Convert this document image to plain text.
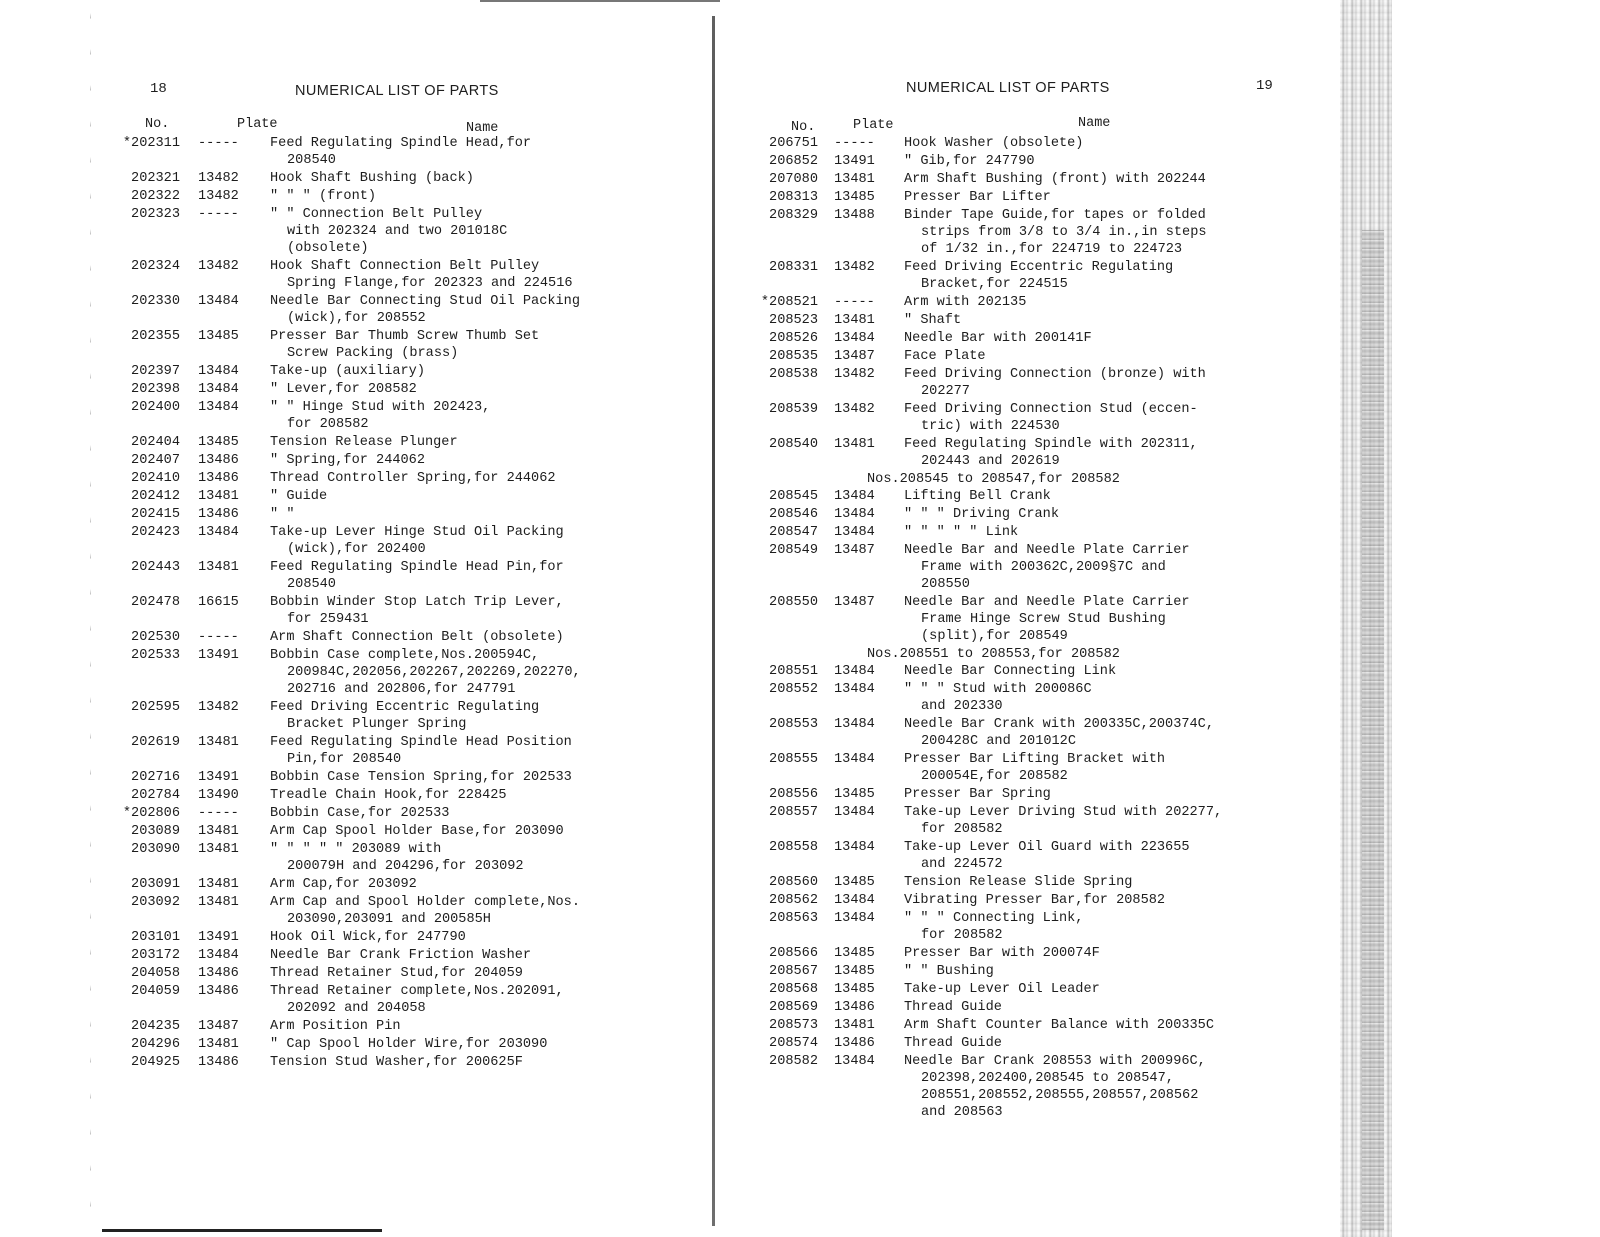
18	NUMERICAL LIST OF PARTS
No.	Plate	Name
*202311 -----	Feed Regulating Spindle Head,for
208540
202321 13482	Hook Shaft Bushing (back)
202322 13482	" " " (front)
202323 -----	" " Connection Belt Pulley
with 202324 and two 201018C
(obsolete)
202324 13482	Hook Shaft Connection Belt Pulley
Spring Flange,for 202323 and 224516
202330 13484	Needle Bar Connecting Stud Oil Packing
(wick),for 208552
202355 13485	Presser Bar Thumb Screw Thumb Set
Screw Packing (brass)
202397 13484	Take-up (auxiliary)
202398 13484	" Lever,for 208582
202400 13484	" " Hinge Stud with 202423,
for 208582
202404 13485	Tension Release Plunger
202407 13486	" Spring,for 244062
202410 13486	Thread Controller Spring,for 244062
202412 13481	" Guide
202415 13486	" "
202423 13484	Take-up Lever Hinge Stud Oil Packing
(wick),for 202400
202443 13481	Feed Regulating Spindle Head Pin,for
208540
202478 16615	Bobbin Winder Stop Latch Trip Lever,
for 259431
202530 -----	Arm Shaft Connection Belt (obsolete)
202533 13491	Bobbin Case complete,Nos.200594C,
200984C,202056,202267,202269,202270,
202716 and 202806,for 247791
202595 13482	Feed Driving Eccentric Regulating
Bracket Plunger Spring
202619 13481	Feed Regulating Spindle Head Position
Pin,for 208540
202716 13491	Bobbin Case Tension Spring,for 202533
202784 13490	Treadle Chain Hook,for 228425
*202806 -----	Bobbin Case,for 202533
203089 13481	Arm Cap Spool Holder Base,for 203090
203090 13481	" " " " " 203089 with
200079H and 204296,for 203092
203091 13481	Arm Cap,for 203092
203092 13481	Arm Cap and Spool Holder complete,Nos.
203090,203091 and 200585H
203101 13491	Hook Oil Wick,for 247790
203172 13484	Needle Bar Crank Friction Washer
204058 13486	Thread Retainer Stud,for 204059
204059 13486	Thread Retainer complete,Nos.202091,
202092 and 204058
204235 13487	Arm Position Pin
204296 13481	" Cap Spool Holder Wire,for 203090
204925 13486	Tension Stud Washer,for 200625F
NUMERICAL LIST OF PARTS	19
No.	Plate	Name
206751 -----	Hook Washer (obsolete)
206852 13491	" Gib,for 247790
207080 13481	Arm Shaft Bushing (front) with 202244
208313 13485	Presser Bar Lifter
208329 13488	Binder Tape Guide,for tapes or folded
strips from 3/8 to 3/4 in.,in steps
of 1/32 in.,for 224719 to 224723
208331 13482	Feed Driving Eccentric Regulating
Bracket,for 224515
*208521 -----	Arm with 202135
208523 13481	" Shaft
208526 13484	Needle Bar with 200141F
208535 13487	Face Plate
208538 13482	Feed Driving Connection (bronze) with
202277
208539 13482	Feed Driving Connection Stud (eccen-
tric) with 224530
208540 13481	Feed Regulating Spindle with 202311,
202443 and 202619
Nos.208545 to 208547,for 208582
208545 13484	Lifting Bell Crank
208546 13484	" " " Driving Crank
208547 13484	" " " " " Link
208549 13487	Needle Bar and Needle Plate Carrier
Frame with 200362C,2009§7C and
208550
208550 13487	Needle Bar and Needle Plate Carrier
Frame Hinge Screw Stud Bushing
(split),for 208549
Nos.208551 to 208553,for 208582
208551 13484	Needle Bar Connecting Link
208552 13484	" " " Stud with 200086C
and 202330
208553 13484	Needle Bar Crank with 200335C,200374C,
200428C and 201012C
208555 13484	Presser Bar Lifting Bracket with
200054E,for 208582
208556 13485	Presser Bar Spring
208557 13484	Take-up Lever Driving Stud with 202277,
for 208582
208558 13484	Take-up Lever Oil Guard with 223655
and 224572
208560 13485	Tension Release Slide Spring
208562 13484	Vibrating Presser Bar,for 208582
208563 13484	" " " Connecting Link,
for 208582
208566 13485	Presser Bar with 200074F
208567 13485	" " Bushing
208568 13485	Take-up Lever Oil Leader
208569 13486	Thread Guide
208573 13481	Arm Shaft Counter Balance with 200335C
208574 13486	Thread Guide
208582 13484	Needle Bar Crank 208553 with 200996C,
202398,202400,208545 to 208547,
208551,208552,208555,208557,208562
and 208563
